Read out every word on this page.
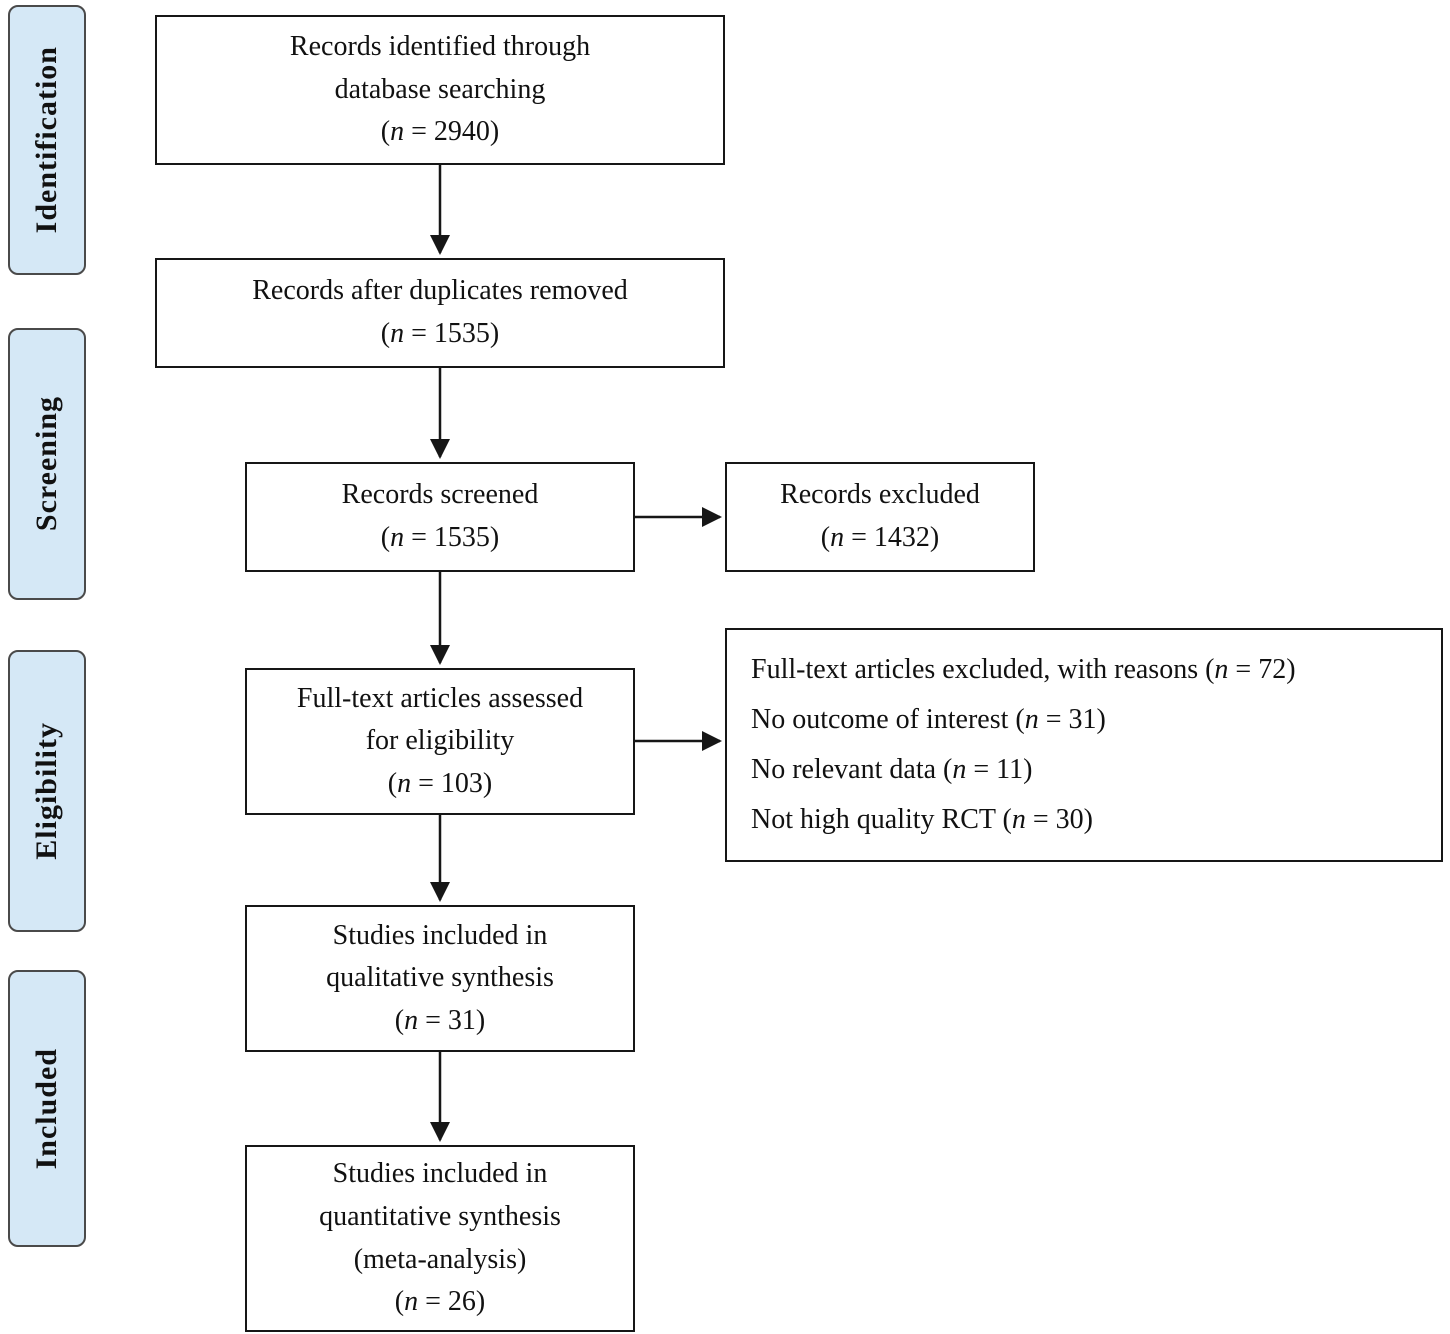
Identification
Screening
Eligibility
Included
Records identified through
database searching
(n = 2940)
Records after duplicates removed
(n = 1535)
Records screened
(n = 1535)
Records excluded
(n = 1432)
Full-text articles assessed
for eligibility
(n = 103)
Full-text articles excluded, with reasons (n = 72)
No outcome of interest (n = 31)
No relevant data (n = 11)
Not high quality RCT (n = 30)
Studies included in
qualitative synthesis
(n = 31)
Studies included in
quantitative synthesis
(meta-analysis)
(n = 26)
